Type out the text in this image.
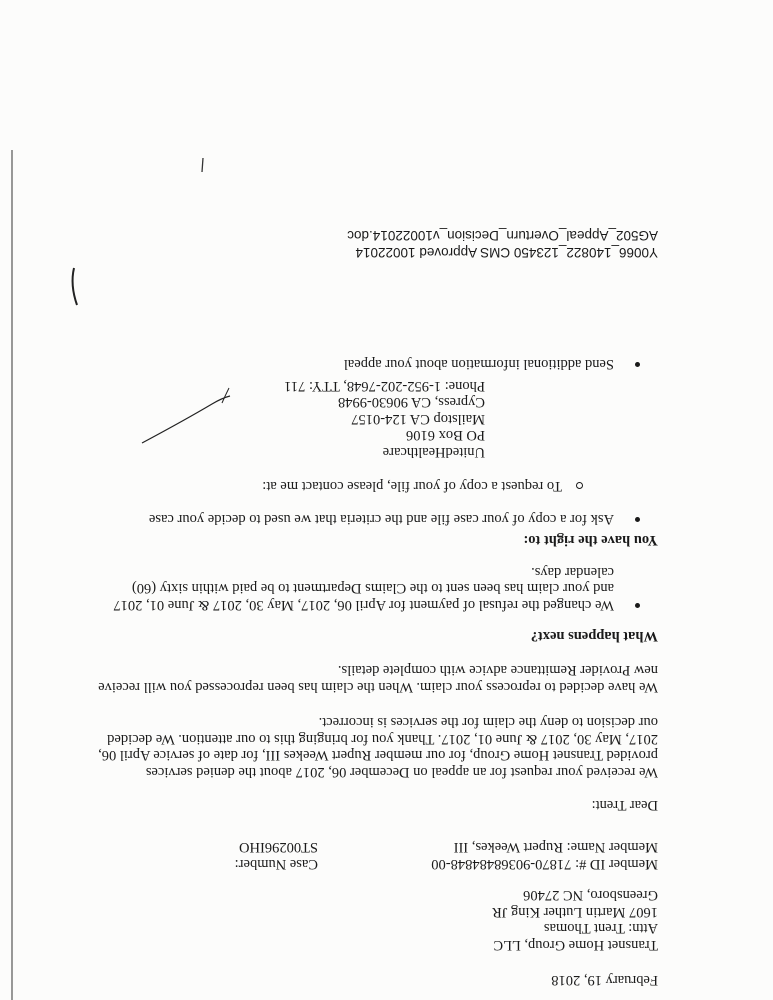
February 19, 2018
Transnet Home Group, LLC
Attn: Trent Thomas
1607 Martin Luther King JR
Greensboro, NC 27406
Member ID #: 71870-90368484848-00
Case Number: ST00296IHO	Member Name: Rupert Weekes, III
Dear Trent:
We received your request for an appeal on December 06, 2017 about the denied services
provided Transnet Home Group, for our member Rupert Weekes III, for date of service April 06,
2017, May 30, 2017 & June 01, 2017. Thank you for bringing this to our attention. We decided
our decision to deny the claim for the services is incorrect.
We have decided to reprocess your claim. When the claim has been reprocessed you will receive
new Provider Remittance advice with complete details.
What happens next?
We changed the refusal of payment for April 06, 2017, May 30, 2017 & June 01, 2017
and your claim has been sent to the Claims Department to be paid within sixty (60)
calendar days.
You have the right to:
Ask for a copy of your case file and the criteria that we used to decide your case
To request a copy of your file, please contact me at:
UnitedHealthcare
PO Box 6106
Mailstop CA 124-0157
Cypress, CA 90630-9948
Phone: 1-952-202-7648, TTY: 711
Send additional information about your appeal
Y0066_140822_123450 CMS Approved 10022014
AG502_Appeal_Overturn_Decision_v10022014.doc
